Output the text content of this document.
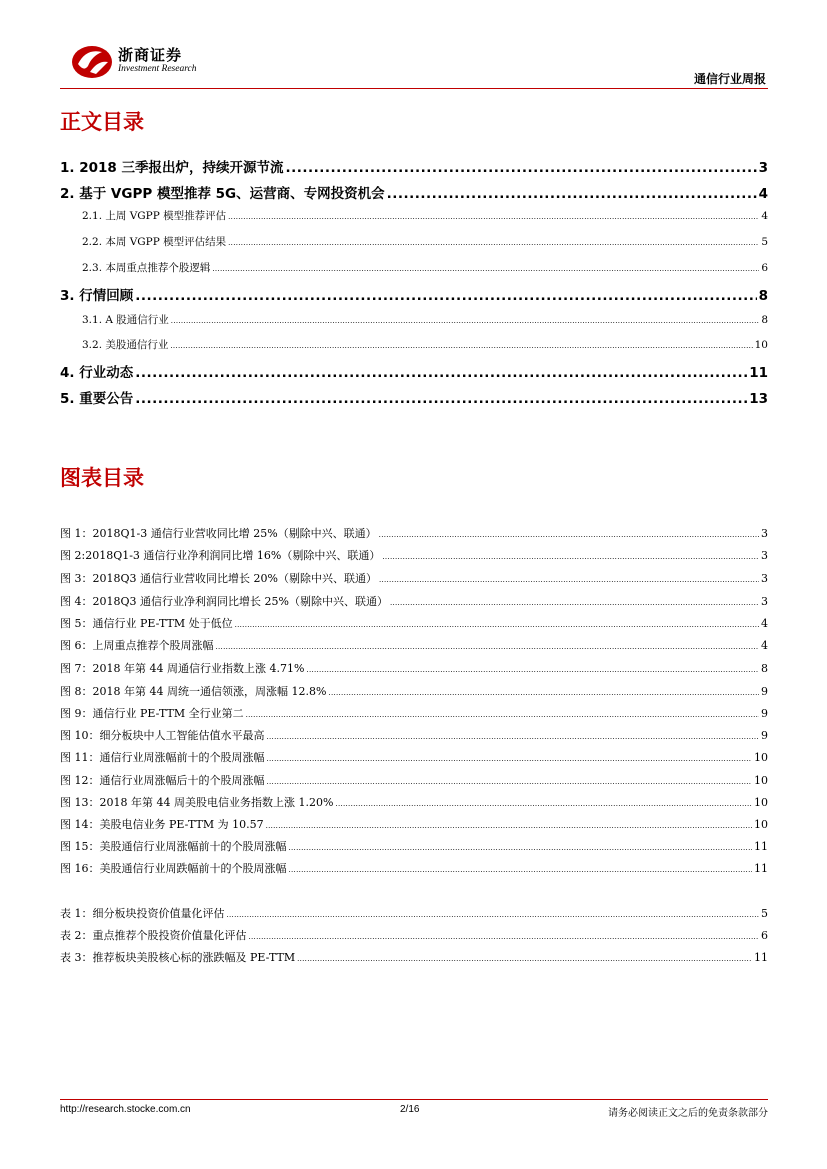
浙商证券
Investment Research
通信行业周报
正文目录
1. 2018 三季报出炉，持续开源节流 .....	3
2. 基于 VGPP 模型推荐 5G、运营商、专网投资机会 .....	4
2.1. 上周 VGPP 模型推荐评估 .....	4
2.2. 本周 VGPP 模型评估结果 .....	5
2.3. 本周重点推荐个股逻辑 .....	6
3. 行情回顾 .....	8
3.1. A 股通信行业 .....	8
3.2. 美股通信行业 .....	10
4. 行业动态 .....	11
5. 重要公告 .....	13
图表目录
图 1：2018Q1-3 通信行业营收同比增 25%（剔除中兴、联通） .....	3
图 2:2018Q1-3 通信行业净利润同比增 16%（剔除中兴、联通） .....	3
图 3：2018Q3 通信行业营收同比增长 20%（剔除中兴、联通） .....	3
图 4：2018Q3 通信行业净利润同比增长 25%（剔除中兴、联通） .....	3
图 5：通信行业 PE-TTM 处于低位 .....	4
图 6：上周重点推荐个股周涨幅 .....	4
图 7：2018 年第 44 周通信行业指数上涨 4.71% .....	8
图 8：2018 年第 44 周统一通信领涨，周涨幅 12.8% .....	9
图 9：通信行业 PE-TTM 全行业第二 .....	9
图 10：细分板块中人工智能估值水平最高 .....	9
图 11：通信行业周涨幅前十的个股周涨幅 .....	10
图 12：通信行业周涨幅后十的个股周涨幅 .....	10
图 13：2018 年第 44 周美股电信业务指数上涨 1.20% .....	10
图 14：美股电信业务 PE-TTM 为 10.57 .....	10
图 15：美股通信行业周涨幅前十的个股周涨幅 .....	11
图 16：美股通信行业周跌幅前十的个股周涨幅 .....	11
表 1：细分板块投资价值量化评估 .....	5
表 2：重点推荐个股投资价值量化评估 .....	6
表 3：推荐板块美股核心标的涨跌幅及 PE-TTM .....	11
http://research.stocke.com.cn	2/16	请务必阅读正文之后的免责条款部分
